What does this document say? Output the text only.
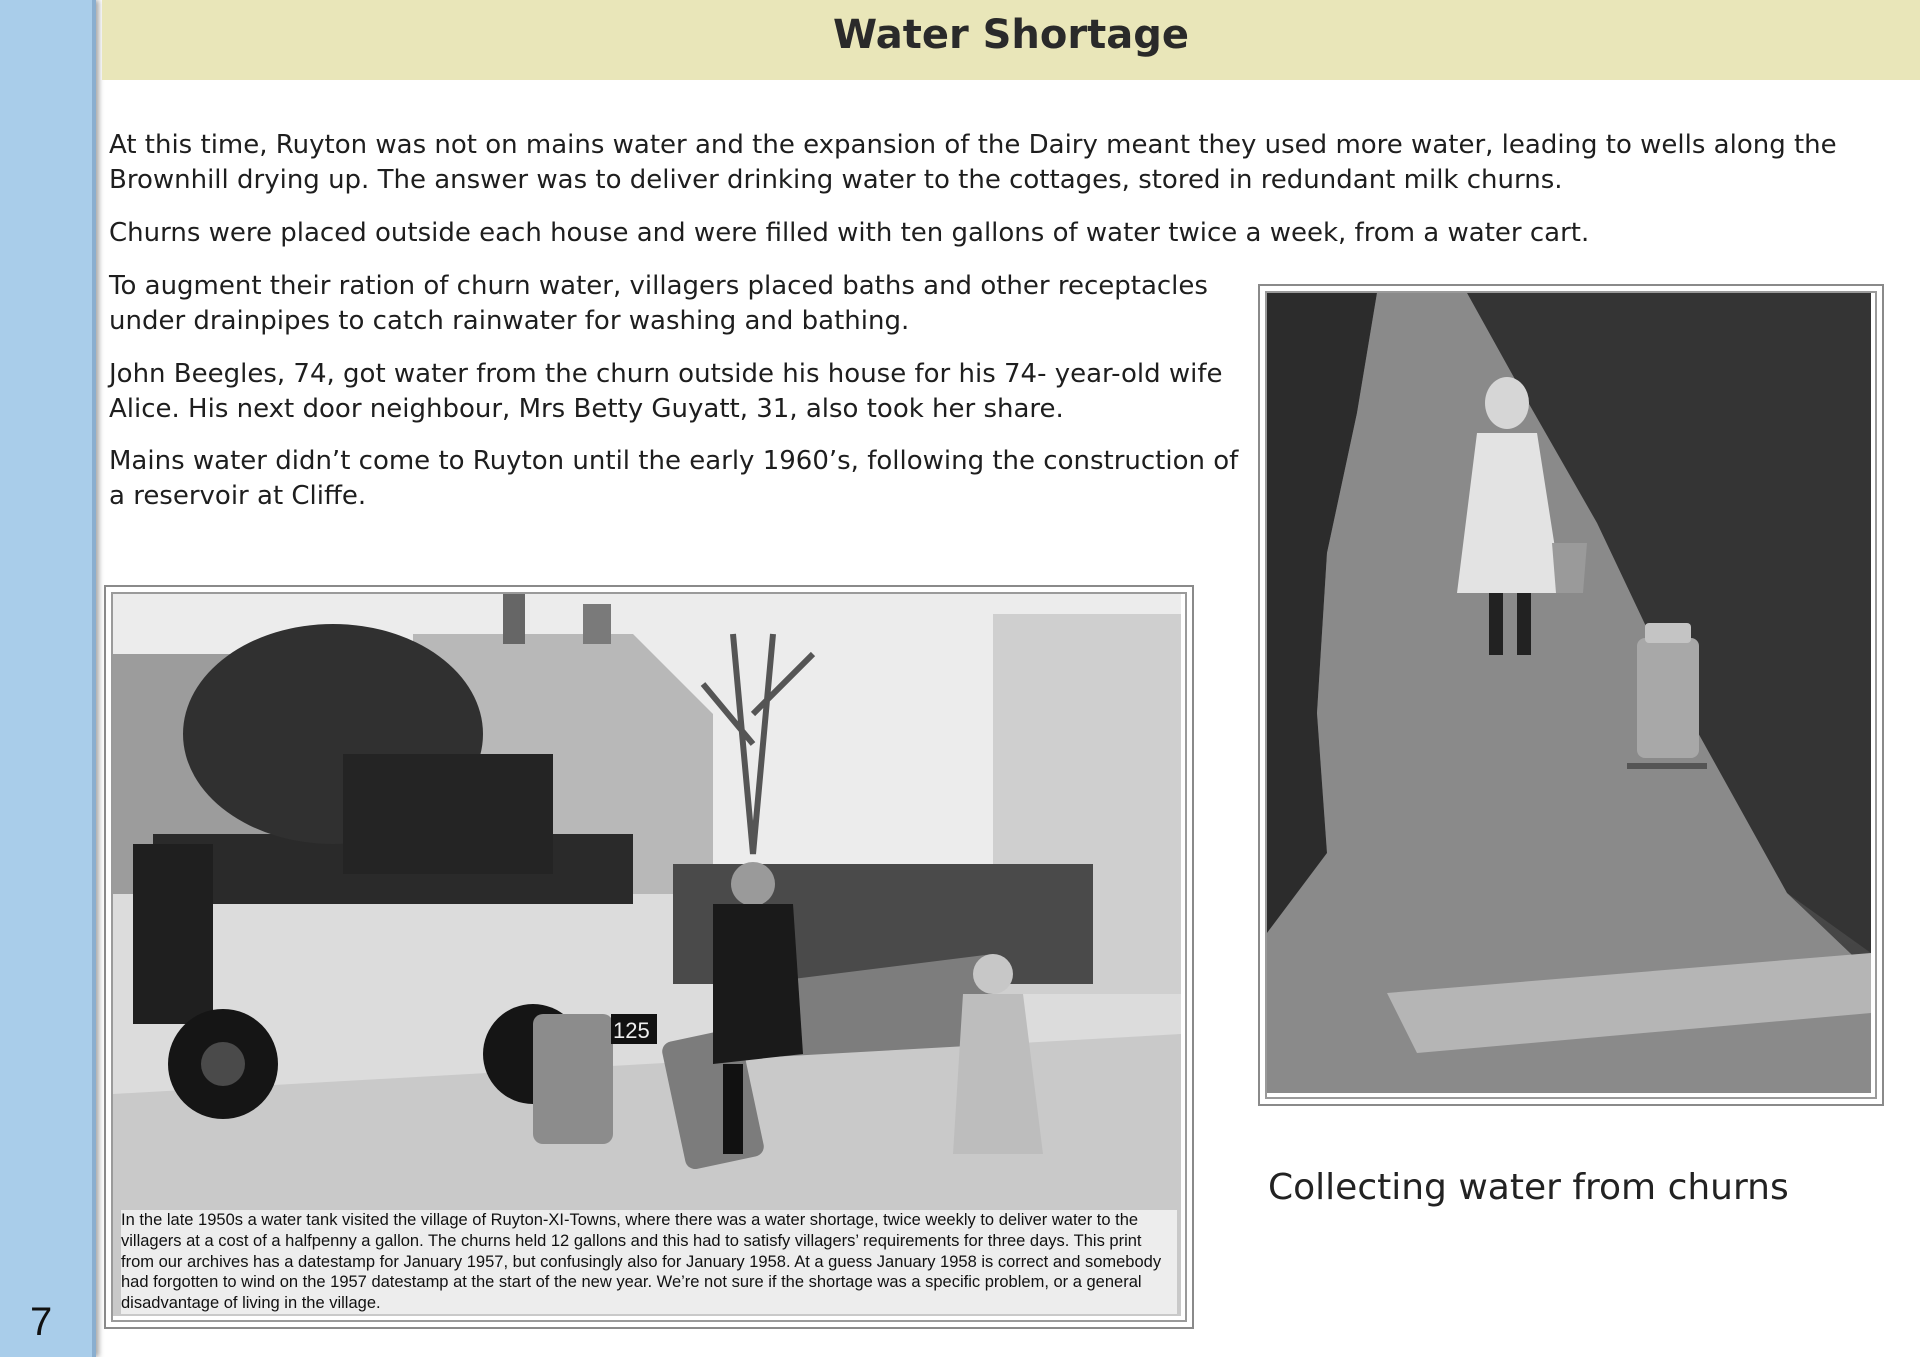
7
Water Shortage

At this time, Ruyton was not on mains water and the expansion of the Dairy meant they used more water, leading to wells along the Brownhill drying up. The answer was to deliver drinking water to the cottages, stored in redundant milk churns.

Churns were placed outside each house and were filled with ten gallons of water twice a week, from a water cart.

To augment their ration of churn water, villagers placed baths and other receptacles under drainpipes to catch rainwater for washing and bathing.

John Beegles, 74, got water from the churn outside his house for his 74- year-old wife Alice. His next door neighbour, Mrs Betty Guyatt, 31, also took her share.

Mains water didn’t come to Ruyton until the early 1960’s, following the construction of a reservoir at Cliffe.

Collecting water from churns
125
In the late 1950s a water tank visited the village of Ruyton-XI-Towns, where there was a water shortage, twice weekly to deliver water to the villagers at a cost of a halfpenny a gallon. The churns held 12 gallons and this had to satisfy villagers’ requirements for three days. This print from our archives has a datestamp for January 1957, but confusingly also for January 1958. At a guess January 1958 is correct and somebody had forgotten to wind on the 1957 datestamp at the start of the new year. We’re not sure if the shortage was a specific problem, or a general disadvantage of living in the village.
